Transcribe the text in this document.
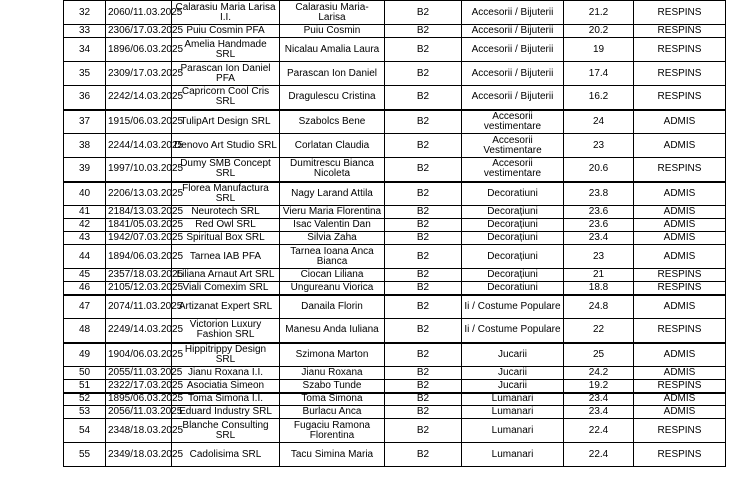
32	2060/11.03.2025	Calarasiu Maria Larisa I.I.	Calarasiu Maria-Larisa	B2	Accesorii / Bijuterii	21.2	RESPINS
33	2306/17.03.2025	Puiu Cosmin PFA	Puiu Cosmin	B2	Accesorii / Bijuterii	20.2	RESPINS
34	1896/06.03.2025	Amelia Handmade SRL	Nicalau Amalia Laura	B2	Accesorii / Bijuterii	19	RESPINS
35	2309/17.03.2025	Parascan Ion Daniel PFA	Parascan Ion Daniel	B2	Accesorii / Bijuterii	17.4	RESPINS
36	2242/14.03.2025	Capricorn Cool Cris SRL	Dragulescu Cristina	B2	Accesorii / Bijuterii	16.2	RESPINS
37	1915/06.03.2025	TulipArt Design SRL	Szabolcs Bene	B2	Accesorii vestimentare	24	ADMIS
38	2244/14.03.2025	Denovo Art Studio SRL	Corlatan Claudia	B2	Accesorii Vestimentare	23	ADMIS
39	1997/10.03.2025	Dumy SMB Concept SRL	Dumitrescu Bianca Nicoleta	B2	Accesorii vestimentare	20.6	RESPINS
40	2206/13.03.2025	Florea Manufactura SRL	Nagy Larand Attila	B2	Decoratiuni	23.8	ADMIS
41	2184/13.03.2025	Neurotech SRL	Vieru Maria Florentina	B2	Decorațiuni	23.6	ADMIS
42	1841/05.03.2025	Red Owl SRL	Isac Valentin Dan	B2	Decorațiuni	23.6	ADMIS
43	1942/07.03.2025	Spiritual Box SRL	Silvia Zaha	B2	Decorațiuni	23.4	ADMIS
44	1894/06.03.2025	Tarnea IAB PFA	Tarnea Ioana Anca Bianca	B2	Decorațiuni	23	ADMIS
45	2357/18.03.2025	Liliana Arnaut Art SRL	Ciocan Liliana	B2	Decorațiuni	21	RESPINS
46	2105/12.03.2025	Viali Comexim SRL	Ungureanu Viorica	B2	Decoratiuni	18.8	RESPINS
47	2074/11.03.2025	Artizanat Expert SRL	Danaila Florin	B2	Ii / Costume Populare	24.8	ADMIS
48	2249/14.03.2025	Victorion Luxury Fashion SRL	Manesu Anda Iuliana	B2	Ii / Costume Populare	22	RESPINS
49	1904/06.03.2025	Hippitrippy Design SRL	Szimona Marton	B2	Jucarii	25	ADMIS
50	2055/11.03.2025	Jianu Roxana I.I.	Jianu Roxana	B2	Jucarii	24.2	ADMIS
51	2322/17.03.2025	Asociatia Simeon	Szabo Tunde	B2	Jucarii	19.2	RESPINS
52	1895/06.03.2025	Toma Simona I.I.	Toma Simona	B2	Lumanari	23.4	ADMIS
53	2056/11.03.2025	Eduard Industry SRL	Burlacu Anca	B2	Lumanari	23.4	ADMIS
54	2348/18.03.2025	Blanche Consulting SRL	Fugaciu Ramona Florentina	B2	Lumanari	22.4	RESPINS
55	2349/18.03.2025	Cadolisima SRL	Tacu Simina Maria	B2	Lumanari	22.4	RESPINS
